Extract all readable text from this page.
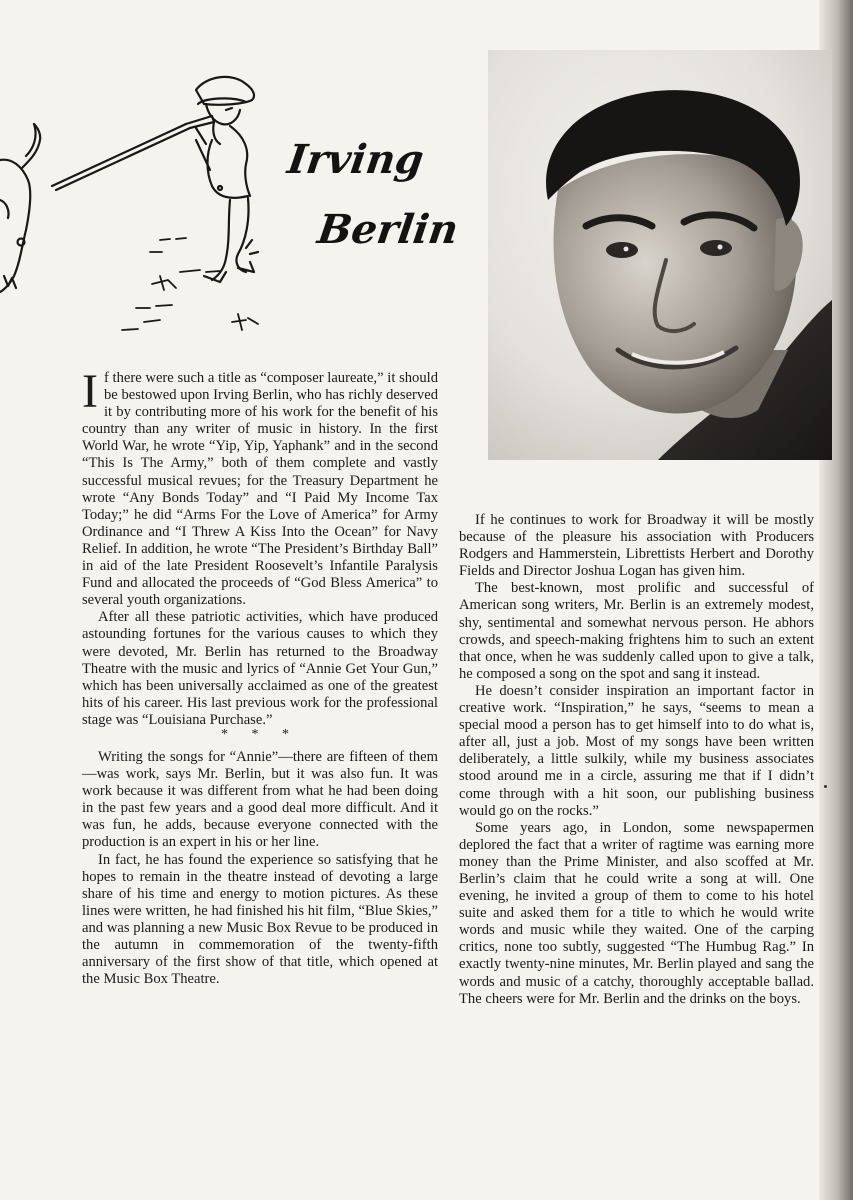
Irving
Berlin

If there were such a title as “composer laureate,” it should be bestowed upon Irving Berlin, who has richly deserved it by contributing more of his work for the benefit of his country than any writer of music in history. In the first World War, he wrote “Yip, Yip, Yaphank” and in the second “This Is The Army,” both of them complete and vastly successful musical revues; for the Treasury Department he wrote “Any Bonds Today” and “I Paid My Income Tax Today;” he did “Arms For the Love of America” for Army Ordinance and “I Threw A Kiss Into the Ocean” for Navy Relief. In addition, he wrote “The President’s Birthday Ball” in aid of the late President Roosevelt’s Infantile Paralysis Fund and allocated the proceeds of “God Bless America” to several youth organizations.

After all these patriotic activities, which have produced astounding fortunes for the various causes to which they were devoted, Mr. Berlin has returned to the Broadway Theatre with the music and lyrics of “Annie Get Your Gun,” which has been universally acclaimed as one of the greatest hits of his career. His last previous work for the professional stage was “Louisiana Purchase.”

* * *

Writing the songs for “Annie”—there are fifteen of them—was work, says Mr. Berlin, but it was also fun. It was work because it was different from what he had been doing in the past few years and a good deal more difficult. And it was fun, he adds, because everyone connected with the production is an expert in his or her line.

In fact, he has found the experience so satisfying that he hopes to remain in the theatre instead of devoting a large share of his time and energy to motion pictures. As these lines were written, he had finished his hit film, “Blue Skies,” and was planning a new Music Box Revue to be produced in the autumn in commemoration of the twenty-fifth anniversary of the first show of that title, which opened at the Music Box Theatre.

If he continues to work for Broadway it will be mostly because of the pleasure his association with Producers Rodgers and Hammerstein, Librettists Herbert and Dorothy Fields and Director Joshua Logan has given him.

The best-known, most prolific and successful of American song writers, Mr. Berlin is an extremely modest, shy, sentimental and somewhat nervous person. He abhors crowds, and speech-making frightens him to such an extent that once, when he was suddenly called upon to give a talk, he composed a song on the spot and sang it instead.

He doesn’t consider inspiration an important factor in creative work. “Inspiration,” he says, “seems to mean a special mood a person has to get himself into to do what is, after all, just a job. Most of my songs have been written deliberately, a little sulkily, while my business associates stood around me in a circle, assuring me that if I didn’t come through with a hit soon, our publishing business would go on the rocks.”

Some years ago, in London, some newspapermen deplored the fact that a writer of ragtime was earning more money than the Prime Minister, and also scoffed at Mr. Berlin’s claim that he could write a song at will. One evening, he invited a group of them to come to his hotel suite and asked them for a title to which he would write words and music while they waited. One of the carping critics, none too subtly, suggested “The Humbug Rag.” In exactly twenty-nine minutes, Mr. Berlin played and sang the words and music of a catchy, thoroughly acceptable ballad. The cheers were for Mr. Berlin and the drinks on the boys.
